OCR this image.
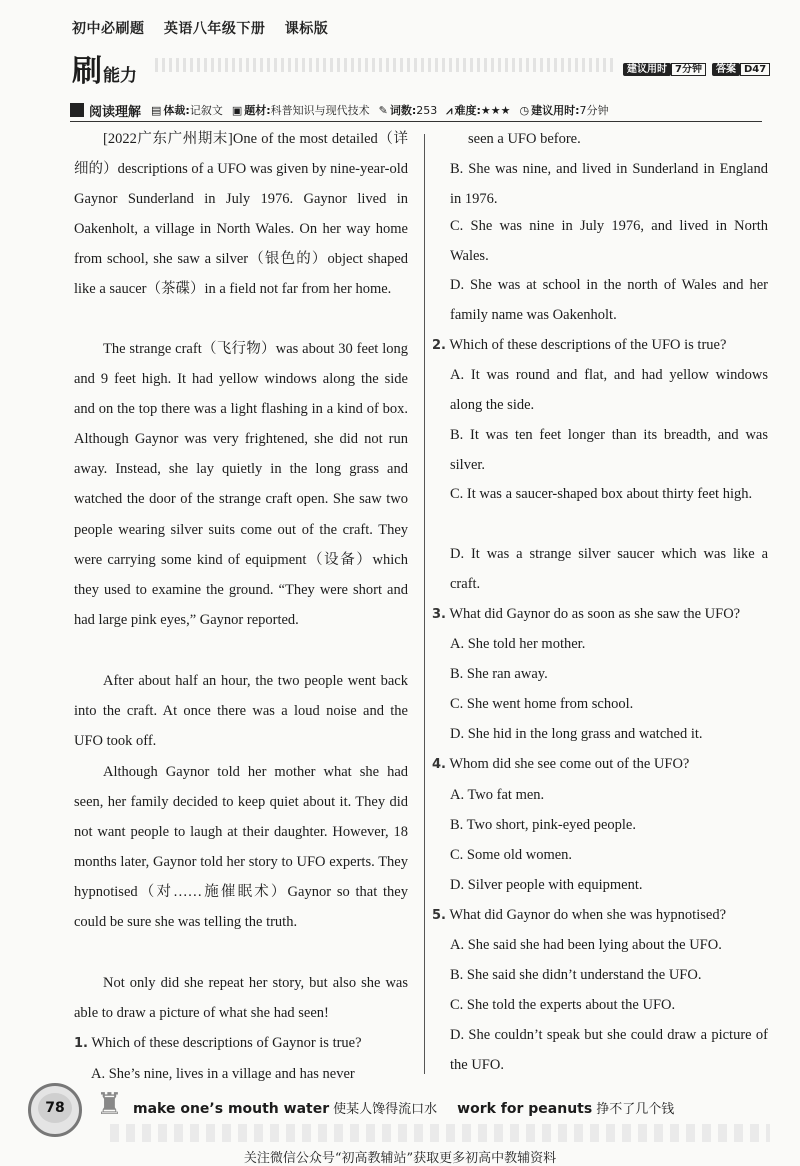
初中必刷题 英语八年级下册 课标版
刷能力	建议用时 7分钟 答案 D47
阅读理解 ▤ 体裁:记叙文 ▣ 题材:科普知识与现代技术 ✎ 词数:253 ⩘ 难度:★★★ ◷ 建议用时:7分钟
[2022广东广州期末]One of the most detailed（详细的）descriptions of a UFO was given by nine-year-old Gaynor Sunderland in July 1976. Gaynor lived in Oakenholt, a village in North Wales. On her way home from school, she saw a silver（银色的）object shaped like a saucer（茶碟）in a field not far from her home.
The strange craft（飞行物）was about 30 feet long and 9 feet high. It had yellow windows along the side and on the top there was a light flashing in a kind of box. Although Gaynor was very frightened, she did not run away. Instead, she lay quietly in the long grass and watched the door of the strange craft open. She saw two people wearing silver suits come out of the craft. They were carrying some kind of equipment（设备）which they used to examine the ground. “They were short and had large pink eyes,” Gaynor reported.
After about half an hour, the two people went back into the craft. At once there was a loud noise and the UFO took off.
Although Gaynor told her mother what she had seen, her family decided to keep quiet about it. They did not want people to laugh at their daughter. However, 18 months later, Gaynor told her story to UFO experts. They hypnotised（对……施催眠术）Gaynor so that they could be sure she was telling the truth.
Not only did she repeat her story, but also she was able to draw a picture of what she had seen!
1. Which of these descriptions of Gaynor is true?
A. She’s nine, lives in a village and has never
seen a UFO before.
B. She was nine, and lived in Sunderland in England in 1976.
C. She was nine in July 1976, and lived in North Wales.
D. She was at school in the north of Wales and her family name was Oakenholt.
2. Which of these descriptions of the UFO is true?
A. It was round and flat, and had yellow windows along the side.
B. It was ten feet longer than its breadth, and was silver.
C. It was a saucer-shaped box about thirty feet high.
D. It was a strange silver saucer which was like a craft.
3. What did Gaynor do as soon as she saw the UFO?
A. She told her mother.
B. She ran away.
C. She went home from school.
D. She hid in the long grass and watched it.
4. Whom did she see come out of the UFO?
A. Two fat men.
B. Two short, pink-eyed people.
C. Some old women.
D. Silver people with equipment.
5. What did Gaynor do when she was hypnotised?
A. She said she had been lying about the UFO.
B. She said she didn’t understand the UFO.
C. She told the experts about the UFO.
D. She couldn’t speak but she could draw a picture of the UFO.
78 ♜ make one’s mouth water 使某人馋得流口水 work for peanuts 挣不了几个钱
关注微信公众号“初高教辅站”获取更多初高中教辅资料
